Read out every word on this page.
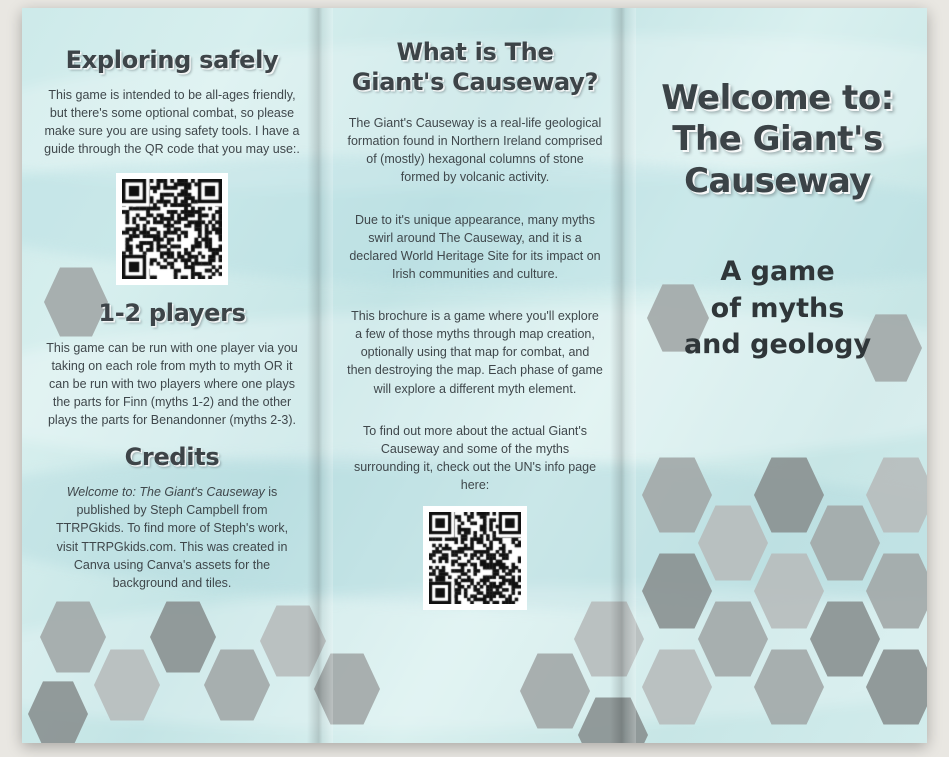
Exploring safely

This game is intended to be all-ages friendly, but there's some optional combat, so please make sure you are using safety tools. I have a guide through the QR code that you may use:.

1-2 players

This game can be run with one player via you taking on each role from myth to myth OR it can be run with two players where one plays the parts for Finn (myths 1-2) and the other plays the parts for Benandonner (myths 2-3).

Credits

Welcome to: The Giant's Causeway is published by Steph Campbell from TTRPGkids. To find more of Steph's work, visit TTRPGkids.com. This was created in Canva using Canva's assets for the background and tiles.

What is The
Giant's Causeway?

The Giant's Causeway is a real-life geological formation found in Northern Ireland comprised of (mostly) hexagonal columns of stone formed by volcanic activity.

Due to it's unique appearance, many myths swirl around The Causeway, and it is a declared World Heritage Site for its impact on Irish communities and culture.

This brochure is a game where you'll explore a few of those myths through map creation, optionally using that map for combat, and then destroying the map. Each phase of game will explore a different myth element.

To find out more about the actual Giant's Causeway and some of the myths surrounding it, check out the UN's info page here:

Welcome to:
The Giant's
Causeway
A game
of myths
and geology
